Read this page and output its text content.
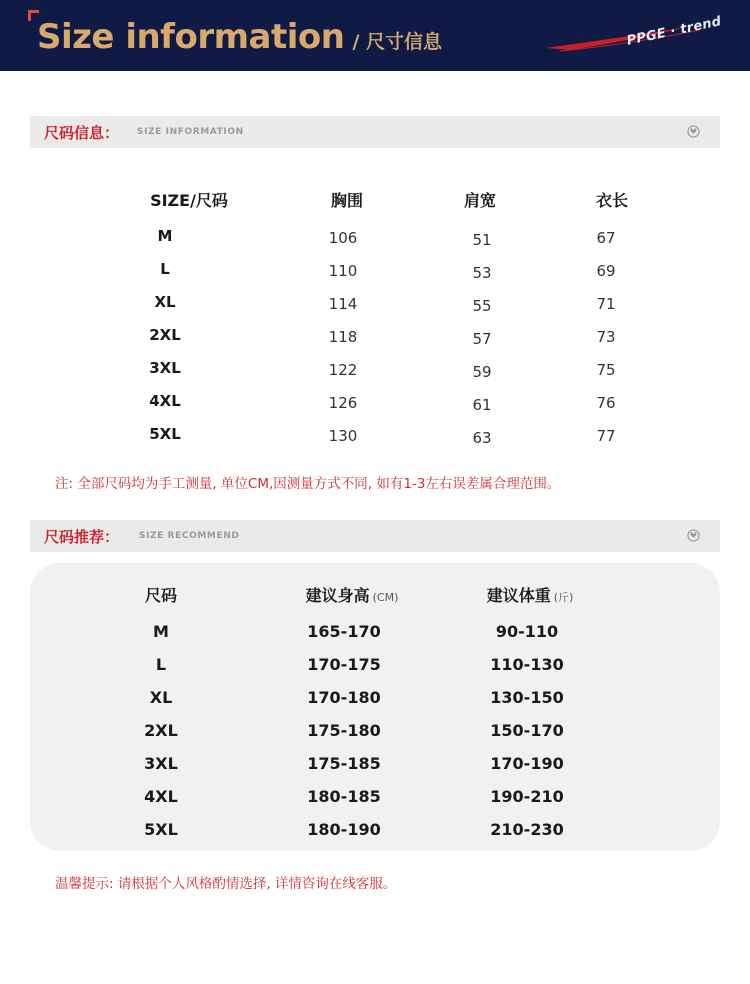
Size information / 尺寸信息	PPGE · trend
尺码信息： SIZE INFORMATION
SIZE/尺码	胸围	肩宽	衣长
M	106	51	67
L	110	53	69
XL	114	55	71
2XL	118	57	73
3XL	122	59	75
4XL	126	61	76
5XL	130	63	77
注: 全部尺码均为手工测量, 单位CM,因测量方式不同, 如有1-3左右误差属合理范围。
尺码推荐： SIZE RECOMMEND
尺码	建议身高 (CM)	建议体重 (斤)
M	165-170	90-110
L	170-175	110-130
XL	170-180	130-150
2XL	175-180	150-170
3XL	175-185	170-190
4XL	180-185	190-210
5XL	180-190	210-230
温馨提示: 请根据个人风格酌情选择, 详情咨询在线客服。
